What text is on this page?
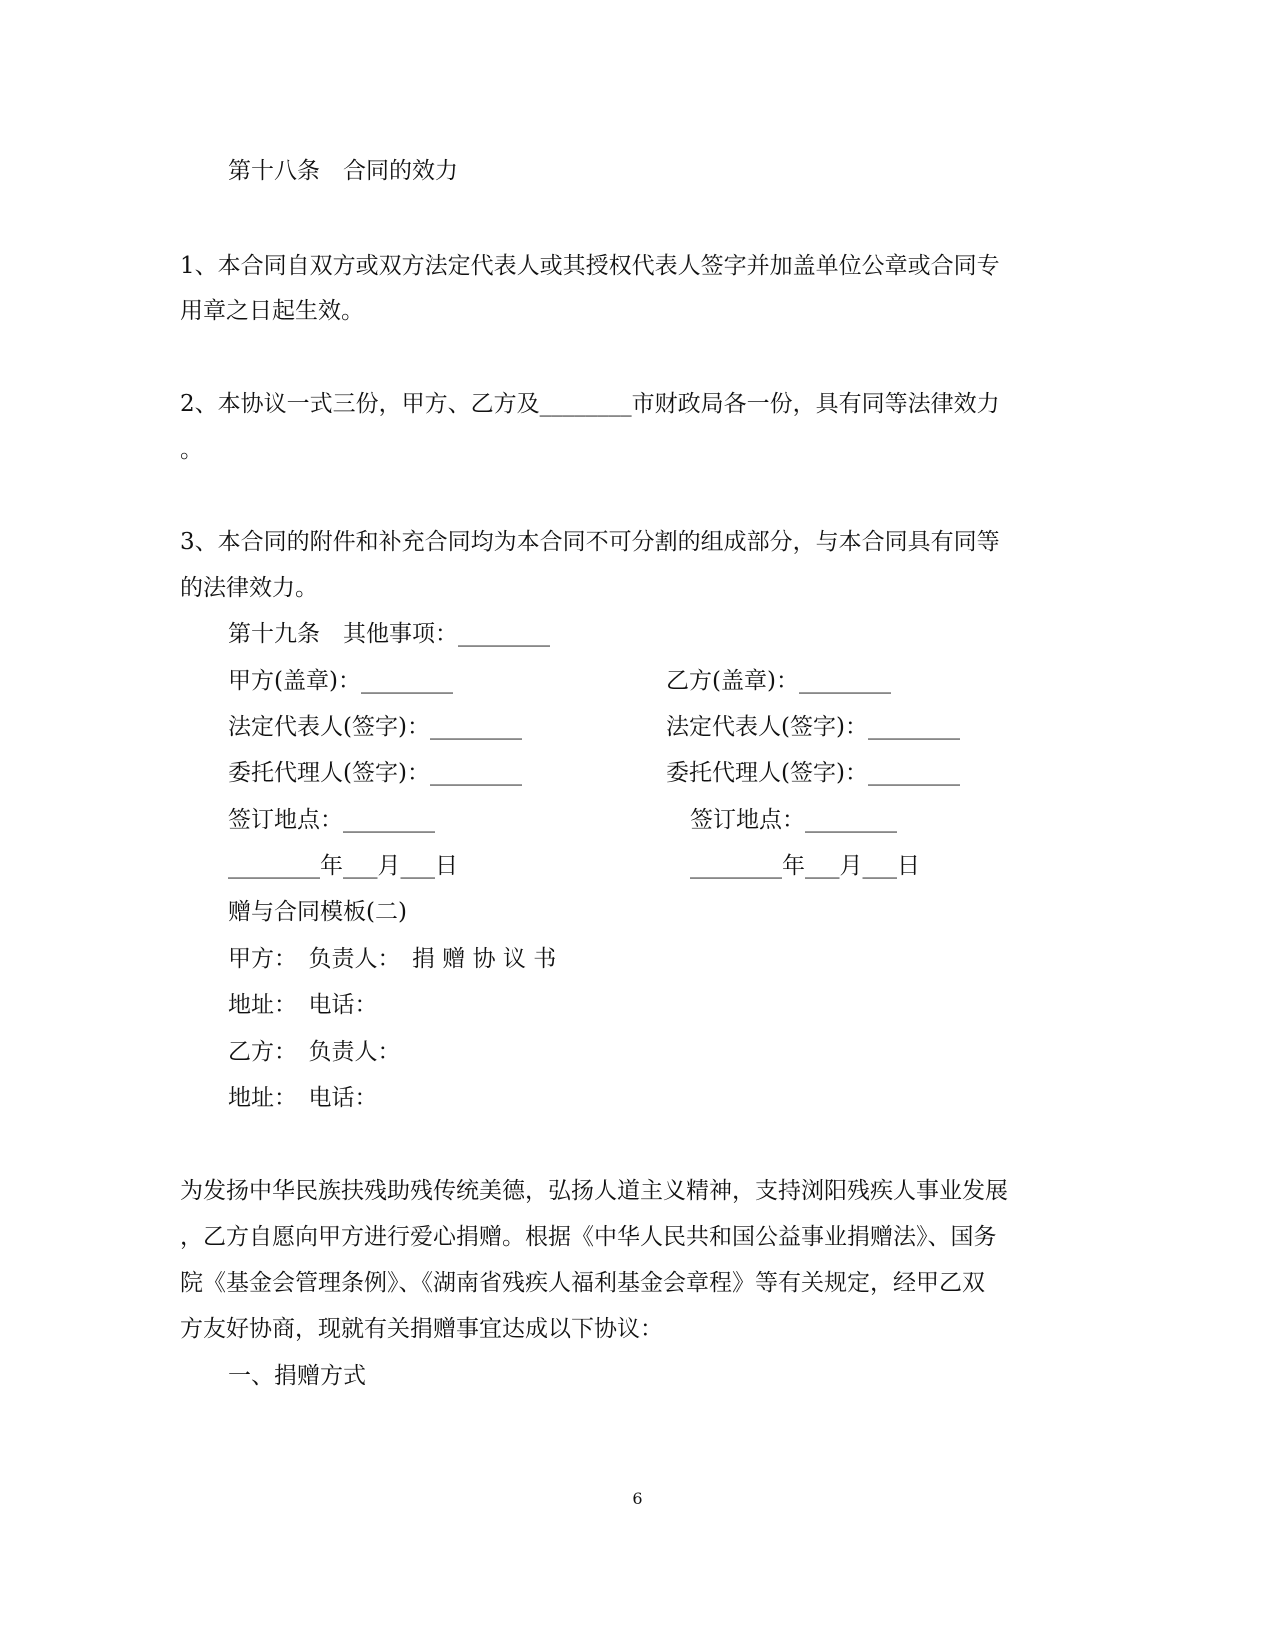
第十八条　合同的效力
1、本合同自双方或双方法定代表人或其授权代表人签字并加盖单位公章或合同专
用章之日起生效。
2、本协议一式三份，甲方、乙方及________市财政局各一份，具有同等法律效力
。
3、本合同的附件和补充合同均为本合同不可分割的组成部分，与本合同具有同等
的法律效力。
第十九条　其他事项：________
甲方(盖章)：________	乙方(盖章)：________
法定代表人(签字)：________	法定代表人(签字)：________
委托代理人(签字)：________	委托代理人(签字)：________
签订地点：________	签订地点：________
________年___月___日	________年___月___日
赠与合同模板(二)
甲方：　负责人：　捐 赠 协 议 书
地址：　电话：
乙方：　负责人：
地址：　电话：
为发扬中华民族扶残助残传统美德，弘扬人道主义精神，支持浏阳残疾人事业发展
，乙方自愿向甲方进行爱心捐赠。根据《中华人民共和国公益事业捐赠法》、国务
院《基金会管理条例》、《湖南省残疾人福利基金会章程》等有关规定，经甲乙双
方友好协商，现就有关捐赠事宜达成以下协议：
一、捐赠方式
6
